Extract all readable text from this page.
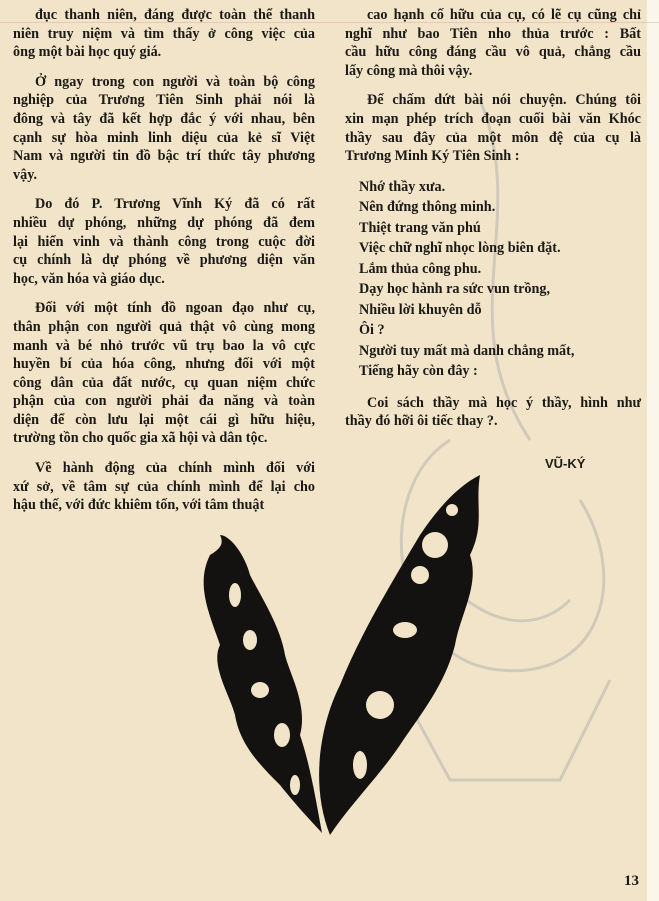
đục thanh niên, đáng được toàn thể thanh
niên truy niệm và tìm thấy ở công việc của
ông một bài học quý giá.
Ở ngay trong con người và toàn bộ công
nghiệp của Trương Tiên Sinh phải nói là
đông và tây đã kết hợp đắc ý với nhau, bên
cạnh sự hòa minh linh diệu của kẻ sĩ Việt
Nam và người tin đồ bậc trí thức tây phương
vậy.
Do đó P. Trương Vĩnh Ký đã có rất
nhiều dự phóng, những dự phóng đã đem
lại hiển vinh và thành công trong cuộc đời
cụ chính là dự phóng về phương diện văn
học, văn hóa và giáo dục.
Đối với một tính đồ ngoan đạo như cụ,
thân phận con người quả thật vô cùng mong
manh và bé nhỏ trước vũ trụ bao la vô cực
huyền bí của hóa công, nhưng đối với một
công dân của đất nước, cụ quan niệm chức
phận của con người phải đa năng và toàn
diện để còn lưu lại một cái gì hữu hiệu,
trường tồn cho quốc gia xã hội và dân tộc.
Về hành động của chính mình đối với
xứ sở, về tâm sự của chính mình để lại cho
hậu thế, với đức khiêm tốn, với tâm thuật
cao hạnh cố hữu của cụ, có lẽ cụ cũng chỉ
nghĩ như bao Tiên nho thủa trước : Bất
cầu hữu công đáng cầu vô quả, chẳng cầu
lấy công mà thôi vậy.
Để chấm dứt bài nói chuyện. Chúng tôi
xin mạn phép trích đoạn cuối bài văn Khóc
thầy sau đây của một môn đệ của cụ là
Trương Minh Ký Tiên Sinh :
Nhớ thầy xưa.
Nên đứng thông minh.
Thiệt trang văn phú
Việc chữ nghĩ nhọc lòng biên đặt.
Lắm thủa công phu.
Dạy học hành ra sức vun trồng,
Nhiều lời khuyên dỗ
Ôi ?
Người tuy mất mà danh chẳng mất,
Tiếng hãy còn đây :
Coi sách thầy mà học ý thầy, hình như
thầy đó hỡi ôi tiếc thay ?.
VŨ-KÝ
13
